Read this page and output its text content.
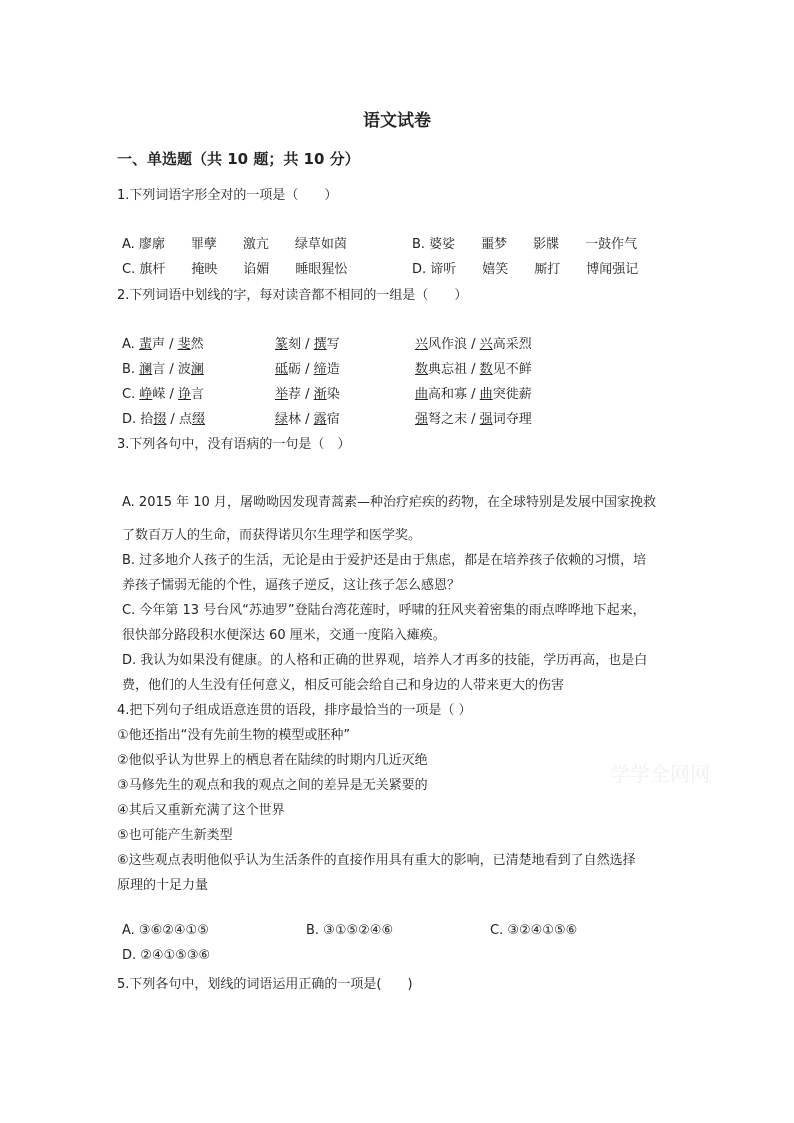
语文试卷
一、单选题（共 10 题；共 10 分）
1.下列词语字形全对的一项是（　　）
A. 廖廓　　罪孽　　激亢　　绿草如茵	B. 婆娑　　噩梦　　影牒　　一鼓作气
C. 旗杆　　掩映　　谄媚　　睡眼猩忪	D. 谛听　　嬉笑　　厮打　　博闻强记
2.下列词语中划线的字，每对读音都不相同的一组是（　　）
A. 蜚声 / 斐然	篆刻 / 撰写	兴风作浪 / 兴高采烈
B. 澜言 / 波澜	砥砺 / 缔造	数典忘祖 / 数见不鲜
C. 峥嵘 / 诤言	举荐 / 渐染	曲高和寡 / 曲突徙薪
D. 拾掇 / 点缀	绿林 / 露宿	强弩之末 / 强词夺理
3.下列各句中，没有语病的一句是（　）
A. 2015 年 10 月，屠呦呦因发现青蒿素—种治疗疟疾的药物，在全球特别是发展中国家挽救
了数百万人的生命，而获得诺贝尔生理学和医学奖。
B. 过多地介人孩子的生活，无论是由于爱护还是由于焦虑，都是在培养孩子依赖的习惯，培
养孩子懦弱无能的个性，逼孩子逆反，这让孩子怎么感恩？
C. 今年第 13 号台风“苏迪罗”登陆台湾花莲时，呼啸的狂风夹着密集的雨点哗哗地下起来，
很快部分路段积水便深达 60 厘米，交通一度陷入瘫痪。
D. 我认为如果没有健康。的人格和正确的世界观，培养人才再多的技能，学历再高，也是白
费，他们的人生没有任何意义，相反可能会给自己和身边的人带来更大的伤害
4.把下列句子组成语意连贯的语段，排序最恰当的一项是（ ）
①他还指出“没有先前生物的模型或胚种”
②他似乎认为世界上的栖息者在陆续的时期内几近灭绝
③马修先生的观点和我的观点之间的差异是无关紧要的
④其后又重新充满了这个世界
⑤也可能产生新类型
⑥这些观点表明他似乎认为生活条件的直接作用具有重大的影响，已清楚地看到了自然选择
原理的十足力量
A. ③⑥②④①⑤	B. ③①⑤②④⑥	C. ③②④①⑤⑥
D. ②④①⑤③⑥
5.下列各句中，划线的词语运用正确的一项是(　　)
学学全网网
